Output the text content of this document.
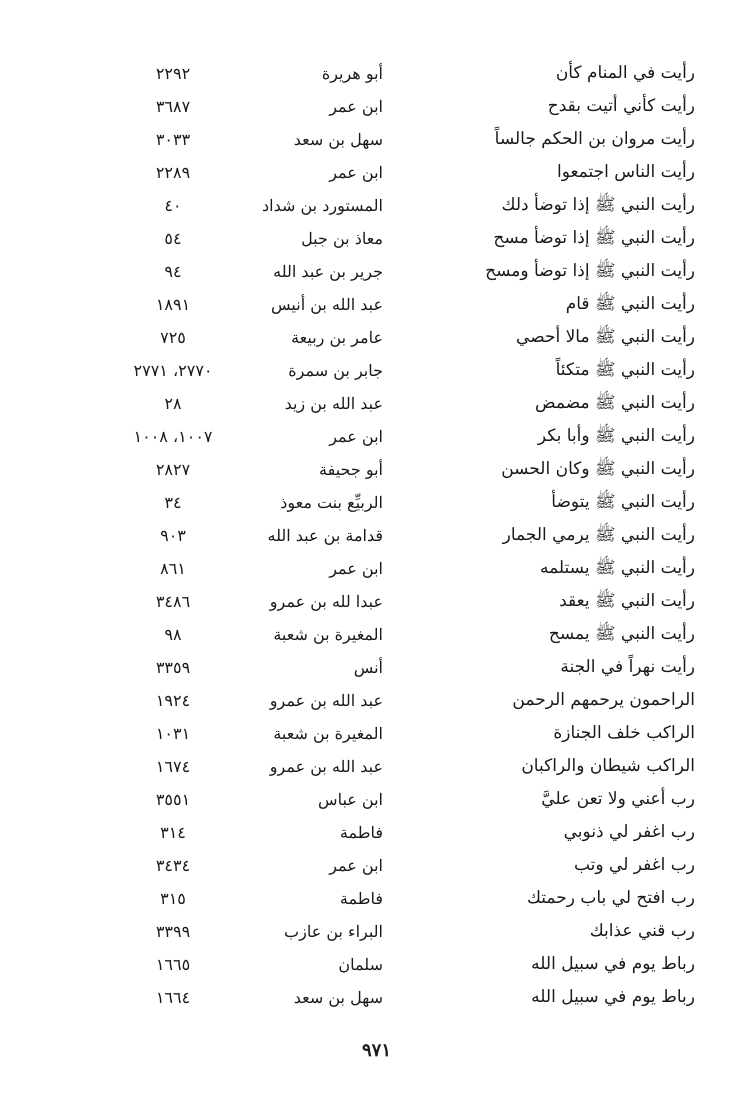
رأيت في المنام كأن
أبو هريرة
٢٢٩٢
رأيت كأني أتيت بقدح
ابن عمر
٣٦٨٧
رأيت مروان بن الحكم جالساً
سهل بن سعد
٣٠٣٣
رأيت الناس اجتمعوا
ابن عمر
٢٢٨٩
رأيت النبي ﷺ إذا توضأ دلك
المستورد بن شداد
٤٠
رأيت النبي ﷺ إذا توضأ مسح
معاذ بن جبل
٥٤
رأيت النبي ﷺ إذا توضأ ومسح
جرير بن عبد الله
٩٤
رأيت النبي ﷺ قام
عبد الله بن أنيس
١٨٩١
رأيت النبي ﷺ مالا أحصي
عامر بن ربيعة
٧٢٥
رأيت النبي ﷺ متكئاً
جابر بن سمرة
٢٧٧٠، ٢٧٧١
رأيت النبي ﷺ مضمض
عبد الله بن زيد
٢٨
رأيت النبي ﷺ وأبا بكر
ابن عمر
١٠٠٧، ١٠٠٨
رأيت النبي ﷺ وكان الحسن
أبو جحيفة
٢٨٢٧
رأيت النبي ﷺ يتوضأ
الربيِّع بنت معوذ
٣٤
رأيت النبي ﷺ يرمي الجمار
قدامة بن عبد الله
٩٠٣
رأيت النبي ﷺ يستلمه
ابن عمر
٨٦١
رأيت النبي ﷺ يعقد
عبدا لله بن عمرو
٣٤٨٦
رأيت النبي ﷺ يمسح
المغيرة بن شعبة
٩٨
رأيت نهراً في الجنة
أنس
٣٣٥٩
الراحمون يرحمهم الرحمن
عبد الله بن عمرو
١٩٢٤
الراكب خلف الجنازة
المغيرة بن شعبة
١٠٣١
الراكب شيطان والراكبان
عبد الله بن عمرو
١٦٧٤
رب أعني ولا تعن عليَّ
ابن عباس
٣٥٥١
رب اغفر لي ذنوبي
فاطمة
٣١٤
رب اغفر لي وتب
ابن عمر
٣٤٣٤
رب افتح لي باب رحمتك
فاطمة
٣١٥
رب قني عذابك
البراء بن عازب
٣٣٩٩
رباط يوم في سبيل الله
سلمان
١٦٦٥
رباط يوم في سبيل الله
سهل بن سعد
١٦٦٤
٩٧١
